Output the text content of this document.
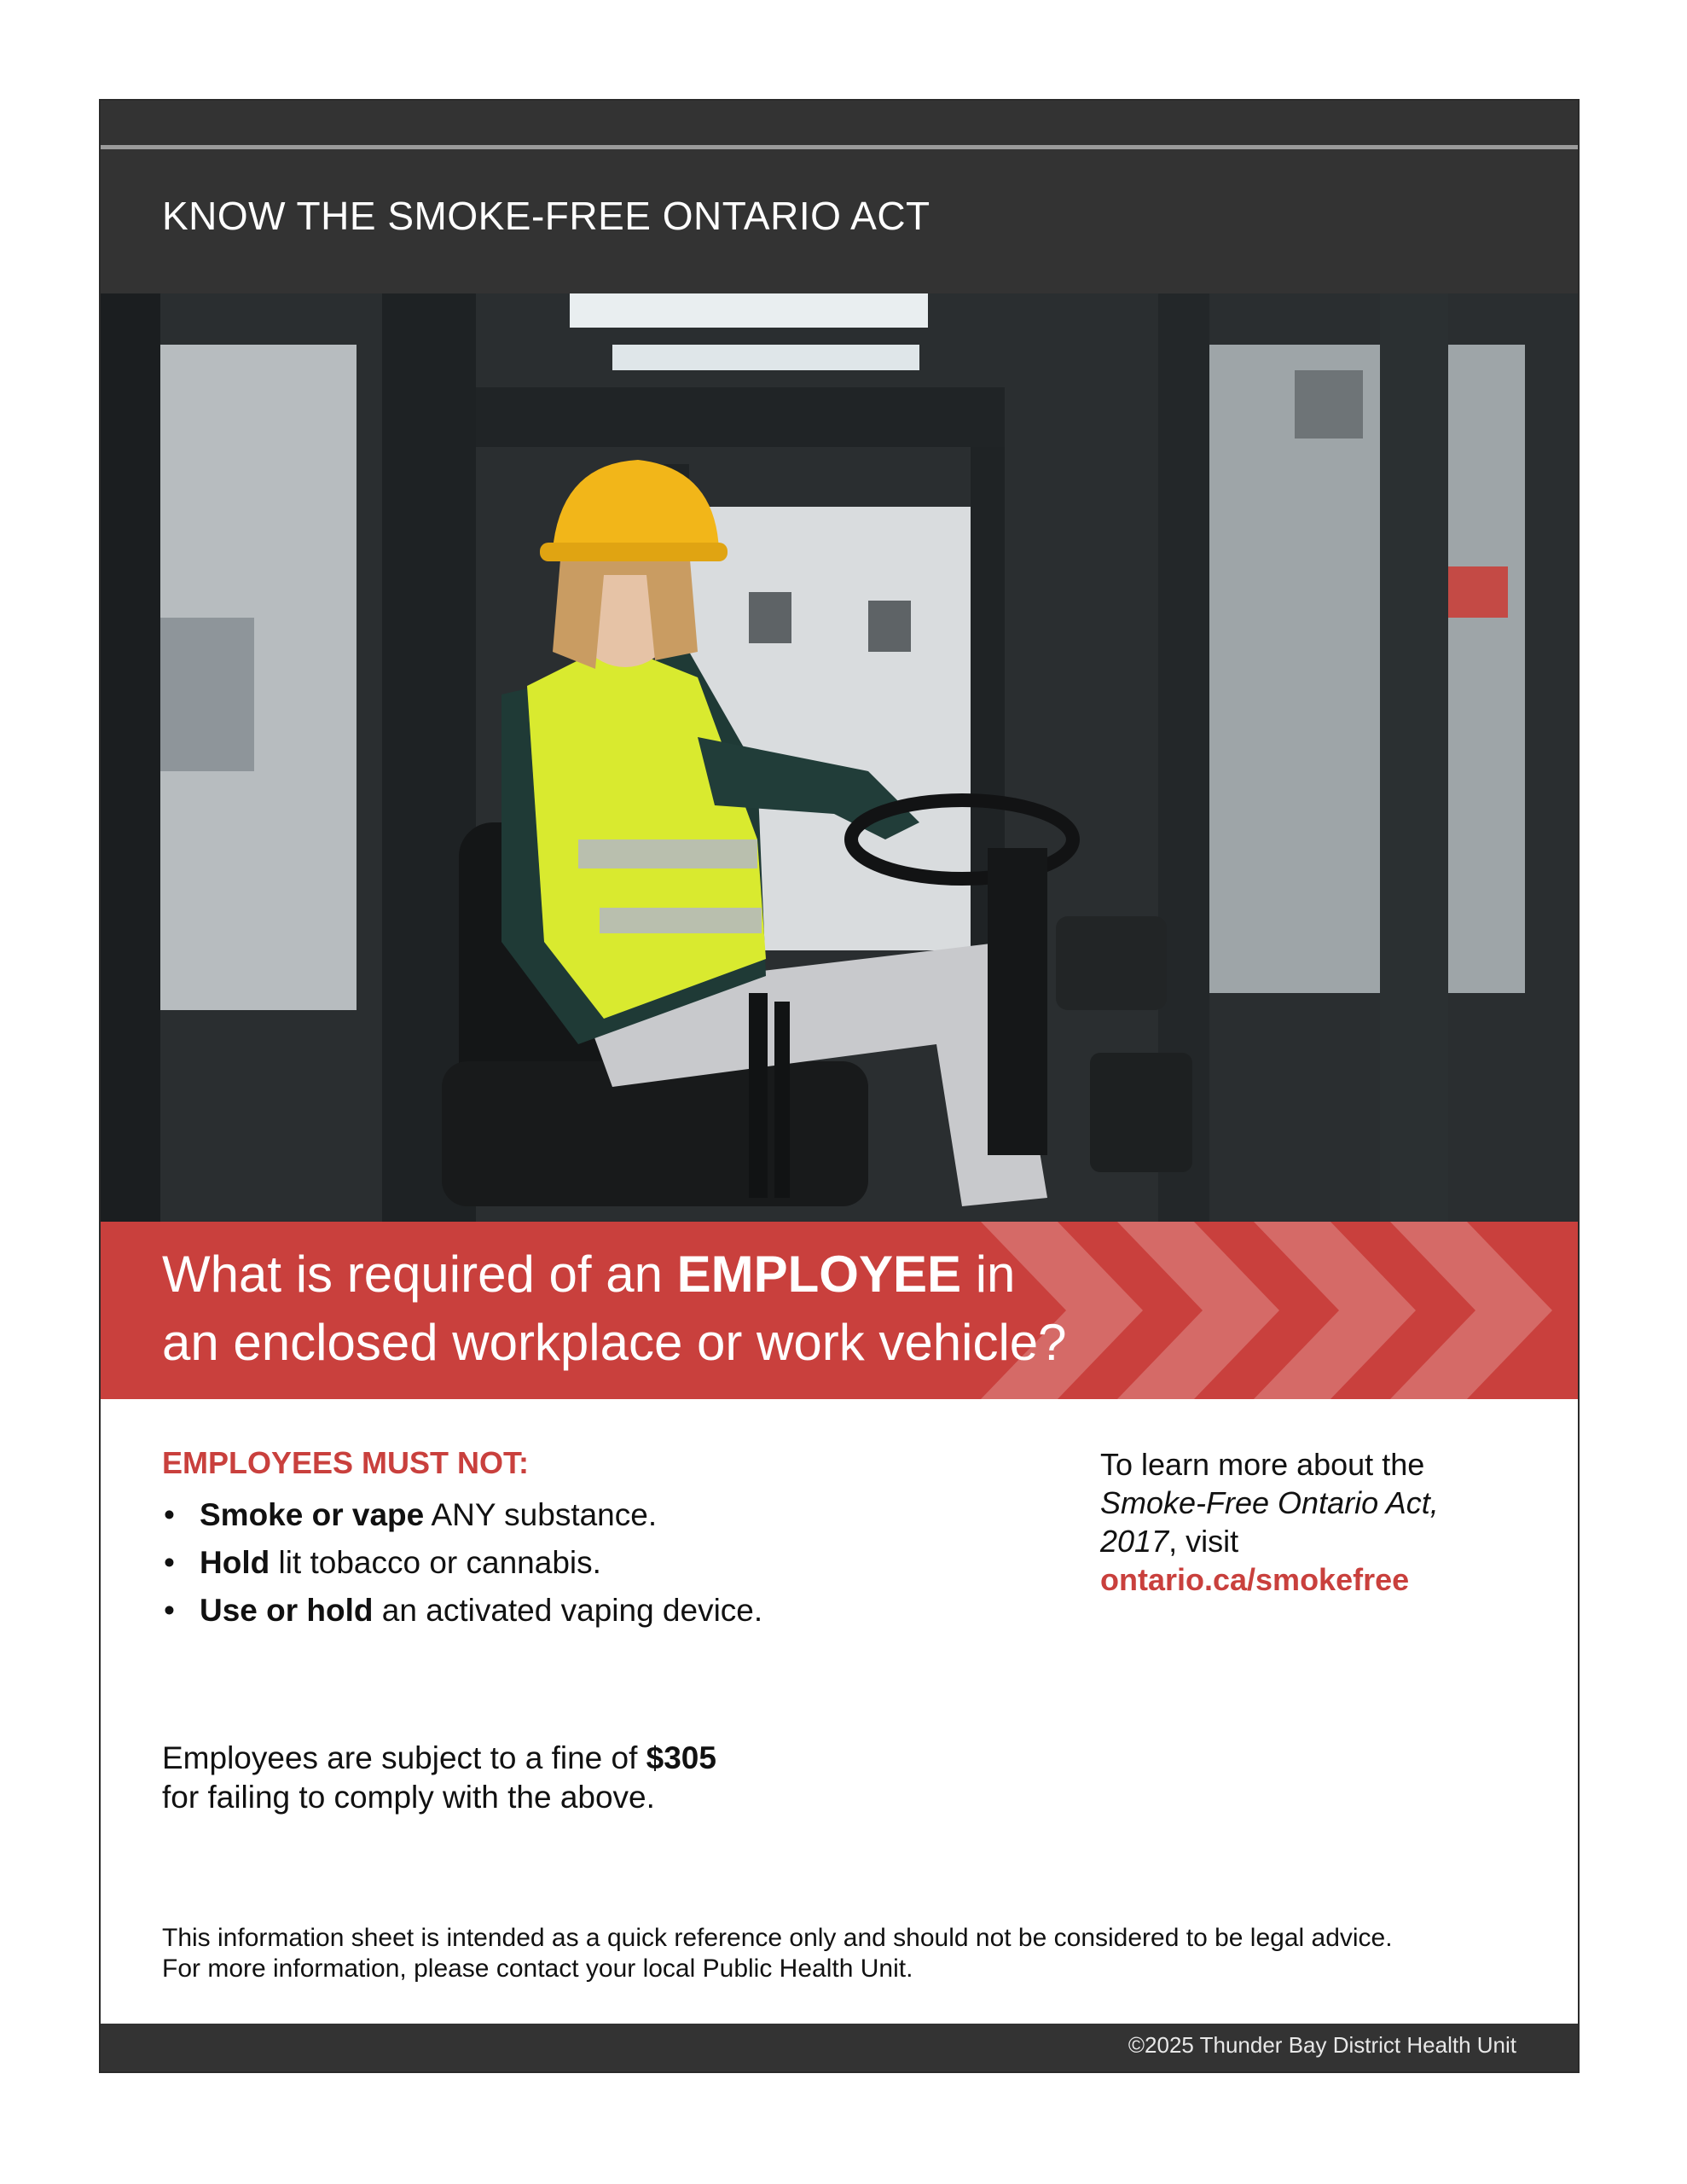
KNOW THE SMOKE-FREE ONTARIO ACT
What is required of an EMPLOYEE in
an enclosed workplace or work vehicle?
EMPLOYEES MUST NOT:
• Smoke or vape ANY substance.
• Hold lit tobacco or cannabis.
• Use or hold an activated vaping device.
To learn more about the
Smoke-Free Ontario Act,
2017, visit
ontario.ca/smokefree
Employees are subject to a fine of $305
for failing to comply with the above.
This information sheet is intended as a quick reference only and should not be considered to be legal advice.
For more information, please contact your local Public Health Unit.
©2025 Thunder Bay District Health Unit
